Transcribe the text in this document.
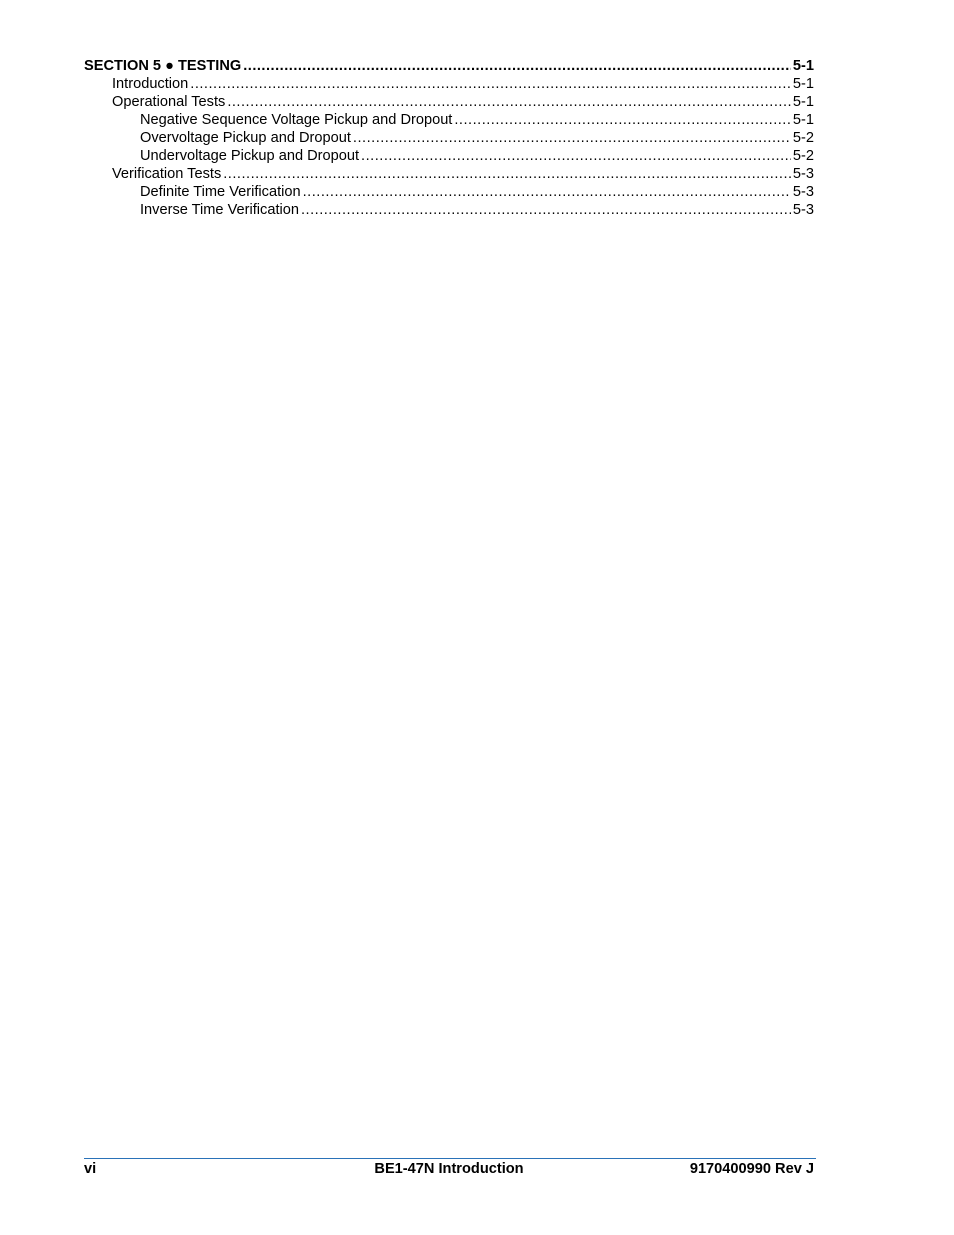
SECTION 5 ● TESTING .....	5-1
Introduction .....	5-1
Operational Tests .....	5-1
Negative Sequence Voltage Pickup and Dropout .....	5-1
Overvoltage Pickup and Dropout .....	5-2
Undervoltage Pickup and Dropout .....	5-2
Verification Tests .....	5-3
Definite Time Verification .....	5-3
Inverse Time Verification .....	5-3
vi	BE1-47N Introduction	9170400990 Rev J
